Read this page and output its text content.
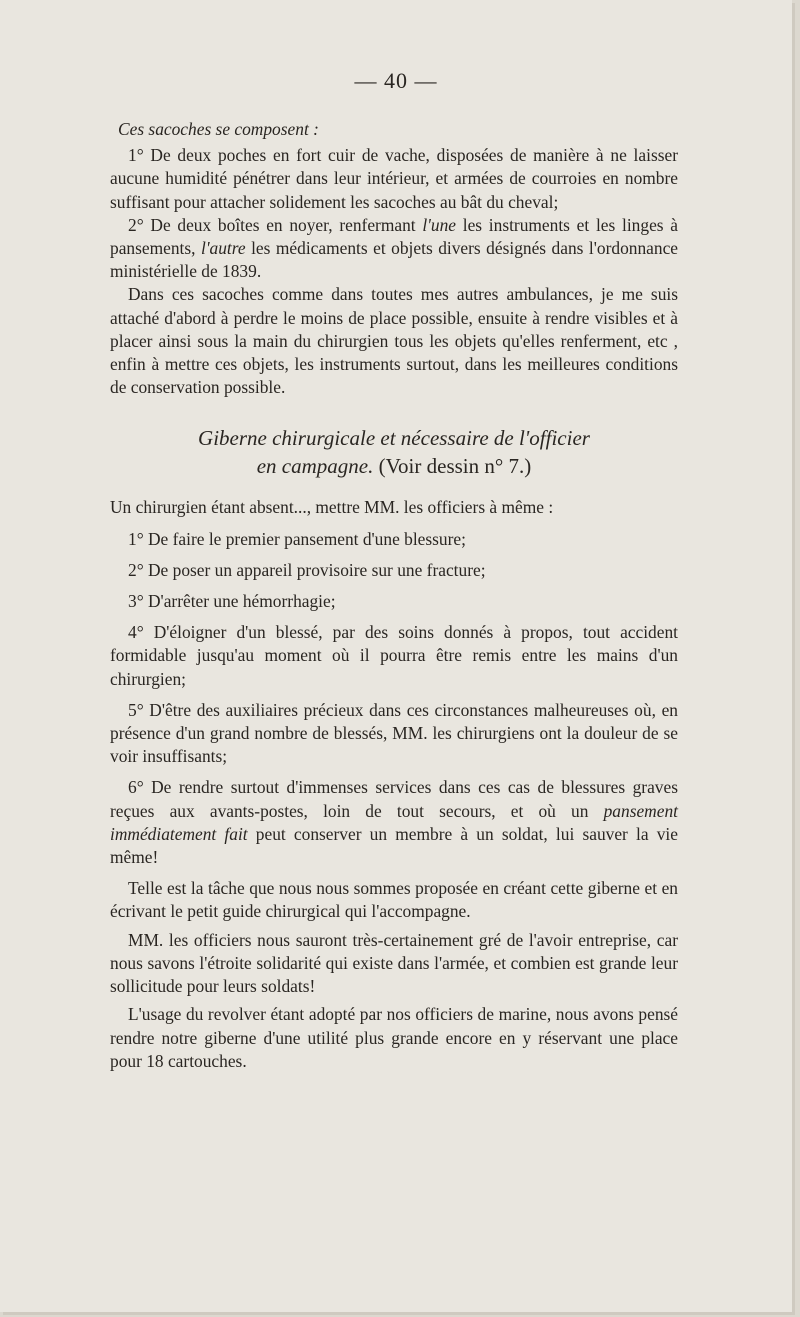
— 40 —

Ces sacoches se composent :

1° De deux poches en fort cuir de vache, disposées de manière à ne laisser aucune humidité pénétrer dans leur intérieur, et armées de courroies en nombre suffisant pour attacher solidement les sacoches au bât du cheval;

2° De deux boîtes en noyer, renfermant l'une les instruments et les linges à pansements, l'autre les médicaments et objets divers désignés dans l'ordonnance ministérielle de 1839.

Dans ces sacoches comme dans toutes mes autres ambulances, je me suis attaché d'abord à perdre le moins de place possible, ensuite à rendre visibles et à placer ainsi sous la main du chirurgien tous les objets qu'elles renferment, etc , enfin à mettre ces objets, les instruments surtout, dans les meilleures conditions de conservation possible.

Giberne chirurgicale et nécessaire de l'officier
en campagne. (Voir dessin n° 7.)

Un chirurgien étant absent..., mettre MM. les officiers à même :

1° De faire le premier pansement d'une blessure;

2° De poser un appareil provisoire sur une fracture;

3° D'arrêter une hémorrhagie;

4° D'éloigner d'un blessé, par des soins donnés à propos, tout accident formidable jusqu'au moment où il pourra être remis entre les mains d'un chirurgien;

5° D'être des auxiliaires précieux dans ces circonstances malheureuses où, en présence d'un grand nombre de blessés, MM. les chirurgiens ont la douleur de se voir insuffisants;

6° De rendre surtout d'immenses services dans ces cas de blessures graves reçues aux avants-postes, loin de tout secours, et où un pansement immédiatement fait peut conserver un membre à un soldat, lui sauver la vie même!

Telle est la tâche que nous nous sommes proposée en créant cette giberne et en écrivant le petit guide chirurgical qui l'accompagne.

MM. les officiers nous sauront très-certainement gré de l'avoir entreprise, car nous savons l'étroite solidarité qui existe dans l'armée, et combien est grande leur sollicitude pour leurs soldats!

L'usage du revolver étant adopté par nos officiers de marine, nous avons pensé rendre notre giberne d'une utilité plus grande encore en y réservant une place pour 18 cartouches.
